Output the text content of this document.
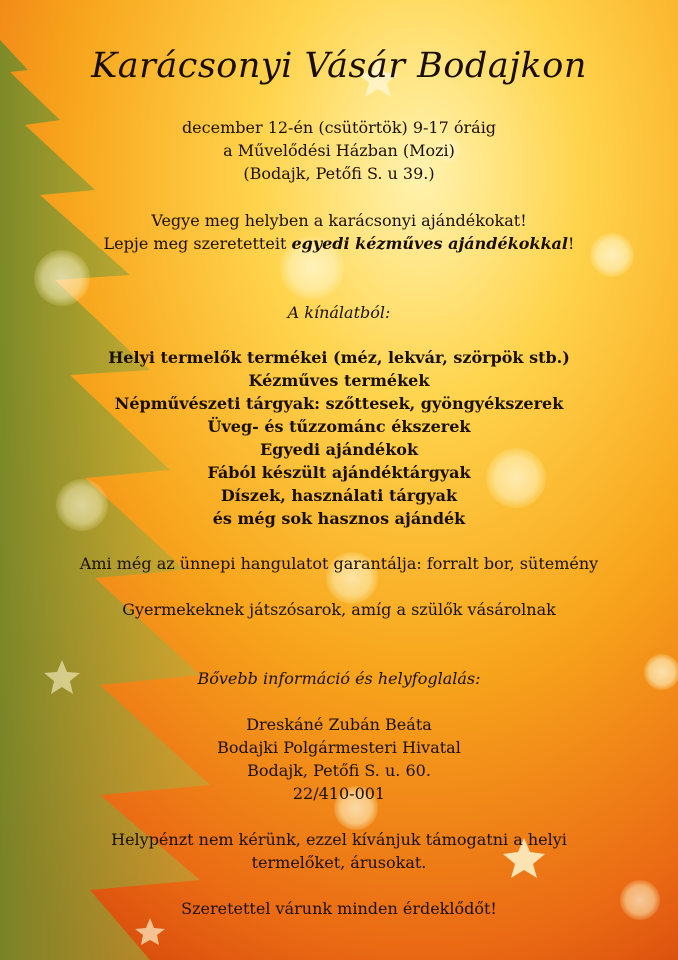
Karácsonyi Vásár Bodajkon
december 12-én (csütörtök) 9-17 óráig
a Művelődési Házban (Mozi)
(Bodajk, Petőfi S. u 39.)
Vegye meg helyben a karácsonyi ajándékokat!
Lepje meg szeretetteit egyedi kézműves ajándékokkal!
A kínálatból:
Helyi termelők termékei (méz, lekvár, szörpök stb.)
Kézműves termékek
Népművészeti tárgyak: szőttesek, gyöngyékszerek
Üveg- és tűzzománc ékszerek
Egyedi ajándékok
Fából készült ajándéktárgyak
Díszek, használati tárgyak
és még sok hasznos ajándék
Ami még az ünnepi hangulatot garantálja: forralt bor, sütemény
Gyermekeknek játszósarok, amíg a szülők vásárolnak
Bővebb információ és helyfoglalás:
Dreskáné Zubán Beáta
Bodajki Polgármesteri Hivatal
Bodajk, Petőfi S. u. 60.
22/410-001
Helypénzt nem kérünk, ezzel kívánjuk támogatni a helyi
termelőket, árusokat.
Szeretettel várunk minden érdeklődőt!
